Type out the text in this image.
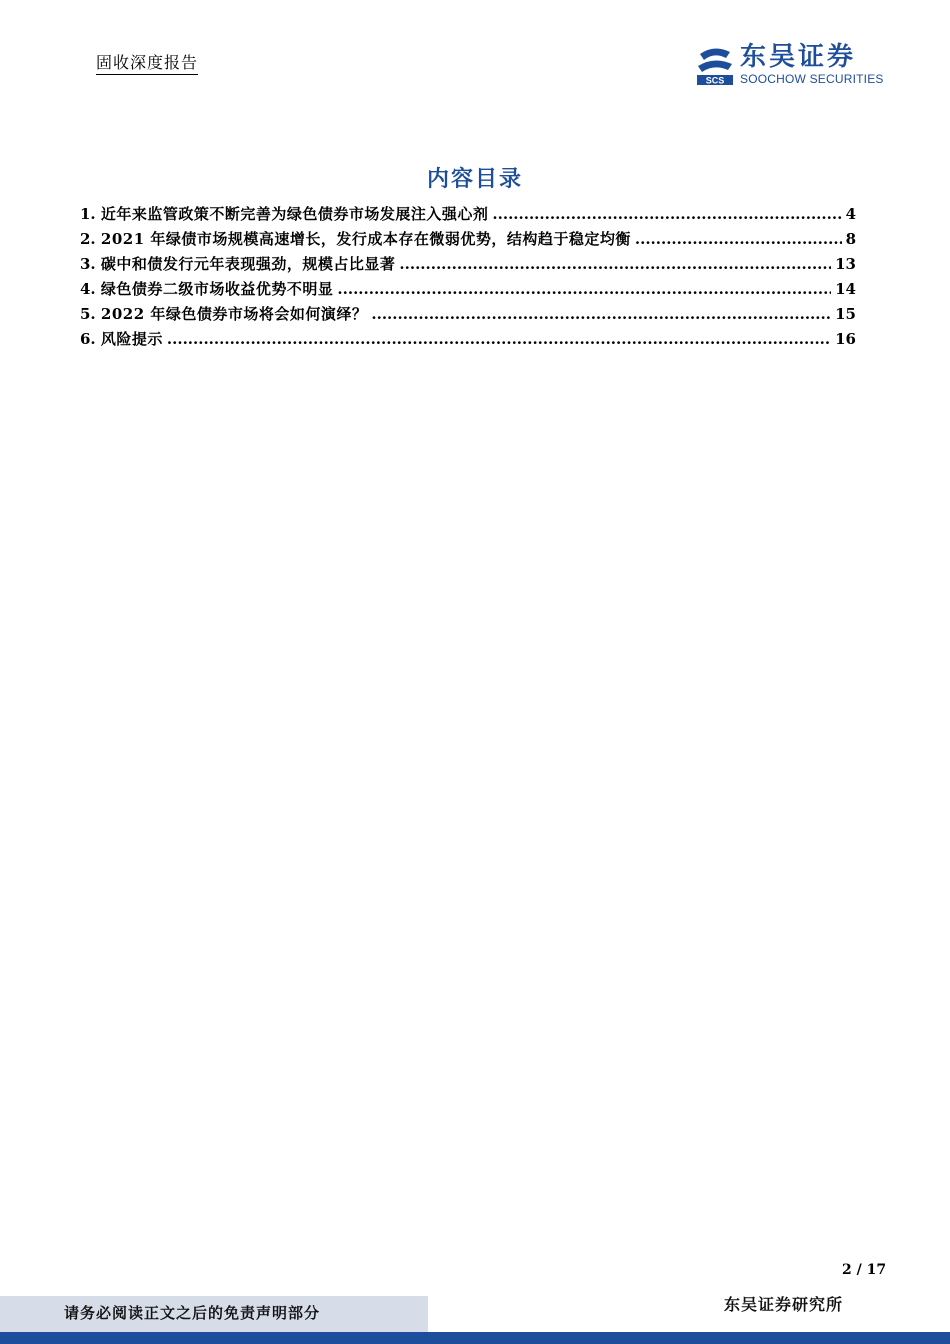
固收深度报告
SCS
东吴证券
SOOCHOW SECURITIES
内容目录
1. 近年来监管政策不断完善为绿色债券市场发展注入强心剂 .....	4
2. 2021 年绿债市场规模高速增长，发行成本存在微弱优势，结构趋于稳定均衡 .....	8
3. 碳中和债发行元年表现强劲，规模占比显著 .....	13
4. 绿色债券二级市场收益优势不明显 .....	14
5. 2022 年绿色债券市场将会如何演绎？ .....	15
6. 风险提示 .....	16
2 / 17
请务必阅读正文之后的免责声明部分	东吴证券研究所
